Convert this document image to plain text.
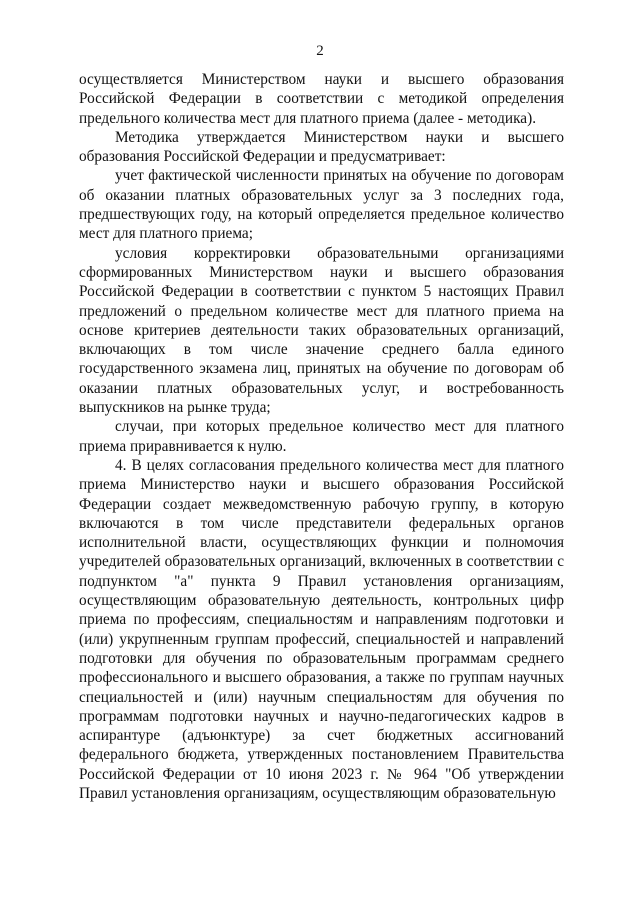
2

осуществляется Министерством науки и высшего образования Российской Федерации в соответствии с методикой определения предельного количества мест для платного приема (далее - методика).

Методика утверждается Министерством науки и высшего образования Российской Федерации и предусматривает:

учет фактической численности принятых на обучение по договорам об оказании платных образовательных услуг за 3 последних года, предшествующих году, на который определяется предельное количество мест для платного приема;

условия корректировки образовательными организациями сформированных Министерством науки и высшего образования Российской Федерации в соответствии с пунктом 5 настоящих Правил предложений о предельном количестве мест для платного приема на основе критериев деятельности таких образовательных организаций, включающих в том числе значение среднего балла единого государственного экзамена лиц, принятых на обучение по договорам об оказании платных образовательных услуг, и востребованность выпускников на рынке труда;

случаи, при которых предельное количество мест для платного приема приравнивается к нулю.

4. В целях согласования предельного количества мест для платного приема Министерство науки и высшего образования Российской Федерации создает межведомственную рабочую группу, в которую включаются в том числе представители федеральных органов исполнительной власти, осуществляющих функции и полномочия учредителей образовательных организаций, включенных в соответствии с подпунктом "а" пункта 9 Правил установления организациям, осуществляющим образовательную деятельность, контрольных цифр приема по профессиям, специальностям и направлениям подготовки и (или) укрупненным группам профессий, специальностей и направлений подготовки для обучения по образовательным программам среднего профессионального и высшего образования, а также по группам научных специальностей и (или) научным специальностям для обучения по программам подготовки научных и научно-педагогических кадров в аспирантуре (адъюнктуре) за счет бюджетных ассигнований федерального бюджета, утвержденных постановлением Правительства Российской Федерации от 10 июня 2023 г. № 964 "Об утверждении Правил установления организациям, осуществляющим образовательную
